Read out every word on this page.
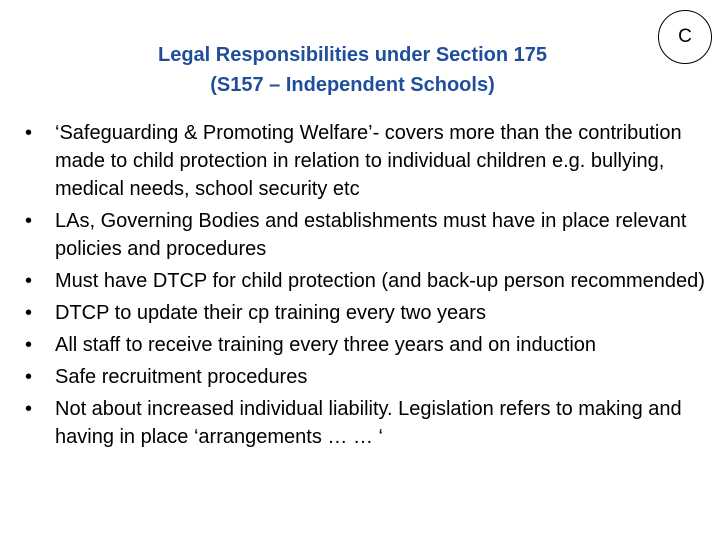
Legal Responsibilities under Section 175
(S157 – Independent Schools)
C
•	‘Safeguarding & Promoting Welfare’- covers more than the contribution made to child protection in relation to individual children e.g. bullying, medical needs, school security etc
•	LAs, Governing Bodies and establishments must have in place relevant policies and procedures
•	Must have DTCP for child protection (and back-up person recommended)
•	DTCP to update their cp training every two years
•	All staff to receive training every three years and on induction
•	Safe recruitment procedures
•	Not about increased individual liability. Legislation refers to making and having in place ‘arrangements … … ‘
